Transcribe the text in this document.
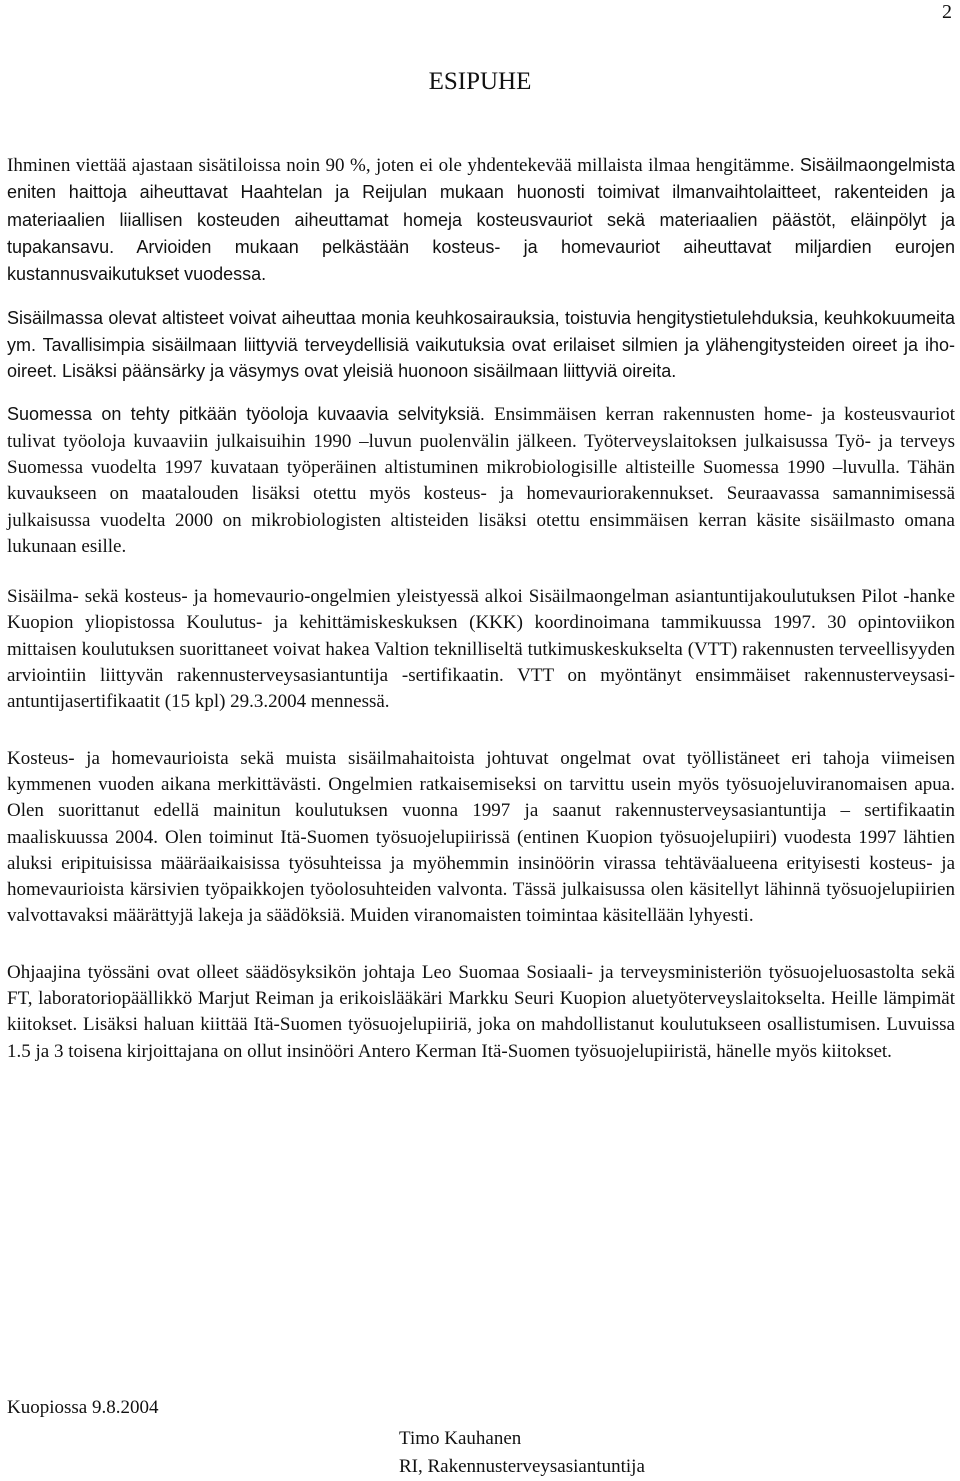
2
ESIPUHE

Ihminen viettää ajastaan sisätiloissa noin 90 %, joten ei ole yhdentekevää millaista ilmaa hengitämme. Sisäilmaongelmista eniten haittoja aiheuttavat Haahtelan ja Reijulan mukaan huonosti toimivat ilmanvaihtolaitteet, rakenteiden ja materiaalien liiallisen kosteuden aiheuttamat homeja kosteusvauriot sekä materiaalien päästöt, eläinpölyt ja tupakansavu. Arvioiden mukaan pelkästään kosteus- ja homevauriot aiheuttavat miljardien eurojen kustannusvaikutukset vuodessa.

Sisäilmassa olevat altisteet voivat aiheuttaa monia keuhkosairauksia, toistuvia hengitystietulehduksia, keuhkokuumeita ym. Tavallisimpia sisäilmaan liittyviä terveydellisiä vaikutuksia ovat erilaiset silmien ja ylähengitysteiden oireet ja iho-oireet. Lisäksi päänsärky ja väsymys ovat yleisiä huonoon sisäilmaan liittyviä oireita.

Suomessa on tehty pitkään työoloja kuvaavia selvityksiä. Ensimmäisen kerran rakennusten home- ja kosteusvauriot tulivat työoloja kuvaaviin julkaisuihin 1990 –luvun puolenvälin jälkeen. Työterveyslaitoksen julkaisussa Työ- ja terveys Suomessa vuodelta 1997 kuvataan työperäinen altistuminen mikrobiologisille altisteille Suomessa 1990 –luvulla. Tähän kuvaukseen on maatalouden lisäksi otettu myös kosteus- ja homevauriorakennukset. Seuraavassa samannimisessä julkaisussa vuodelta 2000 on mikrobiologisten altisteiden lisäksi otettu ensimmäisen kerran käsite sisäilmasto omana lukunaan esille.

Sisäilma- sekä kosteus- ja homevaurio-ongelmien yleistyessä alkoi Sisäilmaongelman asiantuntijakoulutuksen Pilot -hanke Kuopion yliopistossa Koulutus- ja kehittämiskeskuksen (KKK) koordinoimana tammikuussa 1997. 30 opintoviikon mittaisen koulutuksen suorittaneet voivat hakea Valtion teknilliseltä tutkimuskeskukselta (VTT) rakennusten terveellisyyden arviointiin liittyvän rakennusterveysasiantuntija -sertifikaatin. VTT on myöntänyt ensimmäiset rakennusterveysasiantuntijasertifikaatit (15 kpl) 29.3.2004 mennessä.

Kosteus- ja homevaurioista sekä muista sisäilmahaitoista johtuvat ongelmat ovat työllistäneet eri tahoja viimeisen kymmenen vuoden aikana merkittävästi. Ongelmien ratkaisemiseksi on tarvittu usein myös työsuojeluviranomaisen apua. Olen suorittanut edellä mainitun koulutuksen vuonna 1997 ja saanut rakennusterveysasiantuntija – sertifikaatin maaliskuussa 2004. Olen toiminut Itä-Suomen työsuojelupiirissä (entinen Kuopion työsuojelupiiri) vuodesta 1997 lähtien aluksi eripituisissa määräaikaisissa työsuhteissa ja myöhemmin insinöörin virassa tehtäväalueena erityisesti kosteus- ja homevaurioista kärsivien työpaikkojen työolosuhteiden valvonta. Tässä julkaisussa olen käsitellyt lähinnä työsuojelupiirien valvottavaksi määrättyjä lakeja ja säädöksiä. Muiden viranomaisten toimintaa käsitellään lyhyesti.

Ohjaajina työssäni ovat olleet säädösyksikön johtaja Leo Suomaa Sosiaali- ja terveysministeriön työsuojeluosastolta sekä FT, laboratoriopäällikkö Marjut Reiman ja erikoislääkäri Markku Seuri Kuopion aluetyöterveyslaitokselta. Heille lämpimät kiitokset. Lisäksi haluan kiittää Itä-Suomen työsuojelupiiriä, joka on mahdollistanut koulutukseen osallistumisen. Luvuissa 1.5 ja 3 toisena kirjoittajana on ollut insinööri Antero Kerman Itä-Suomen työsuojelupiiristä, hänelle myös kiitokset.

Kuopiossa 9.8.2004
Timo Kauhanen
RI, Rakennusterveysasiantuntija
